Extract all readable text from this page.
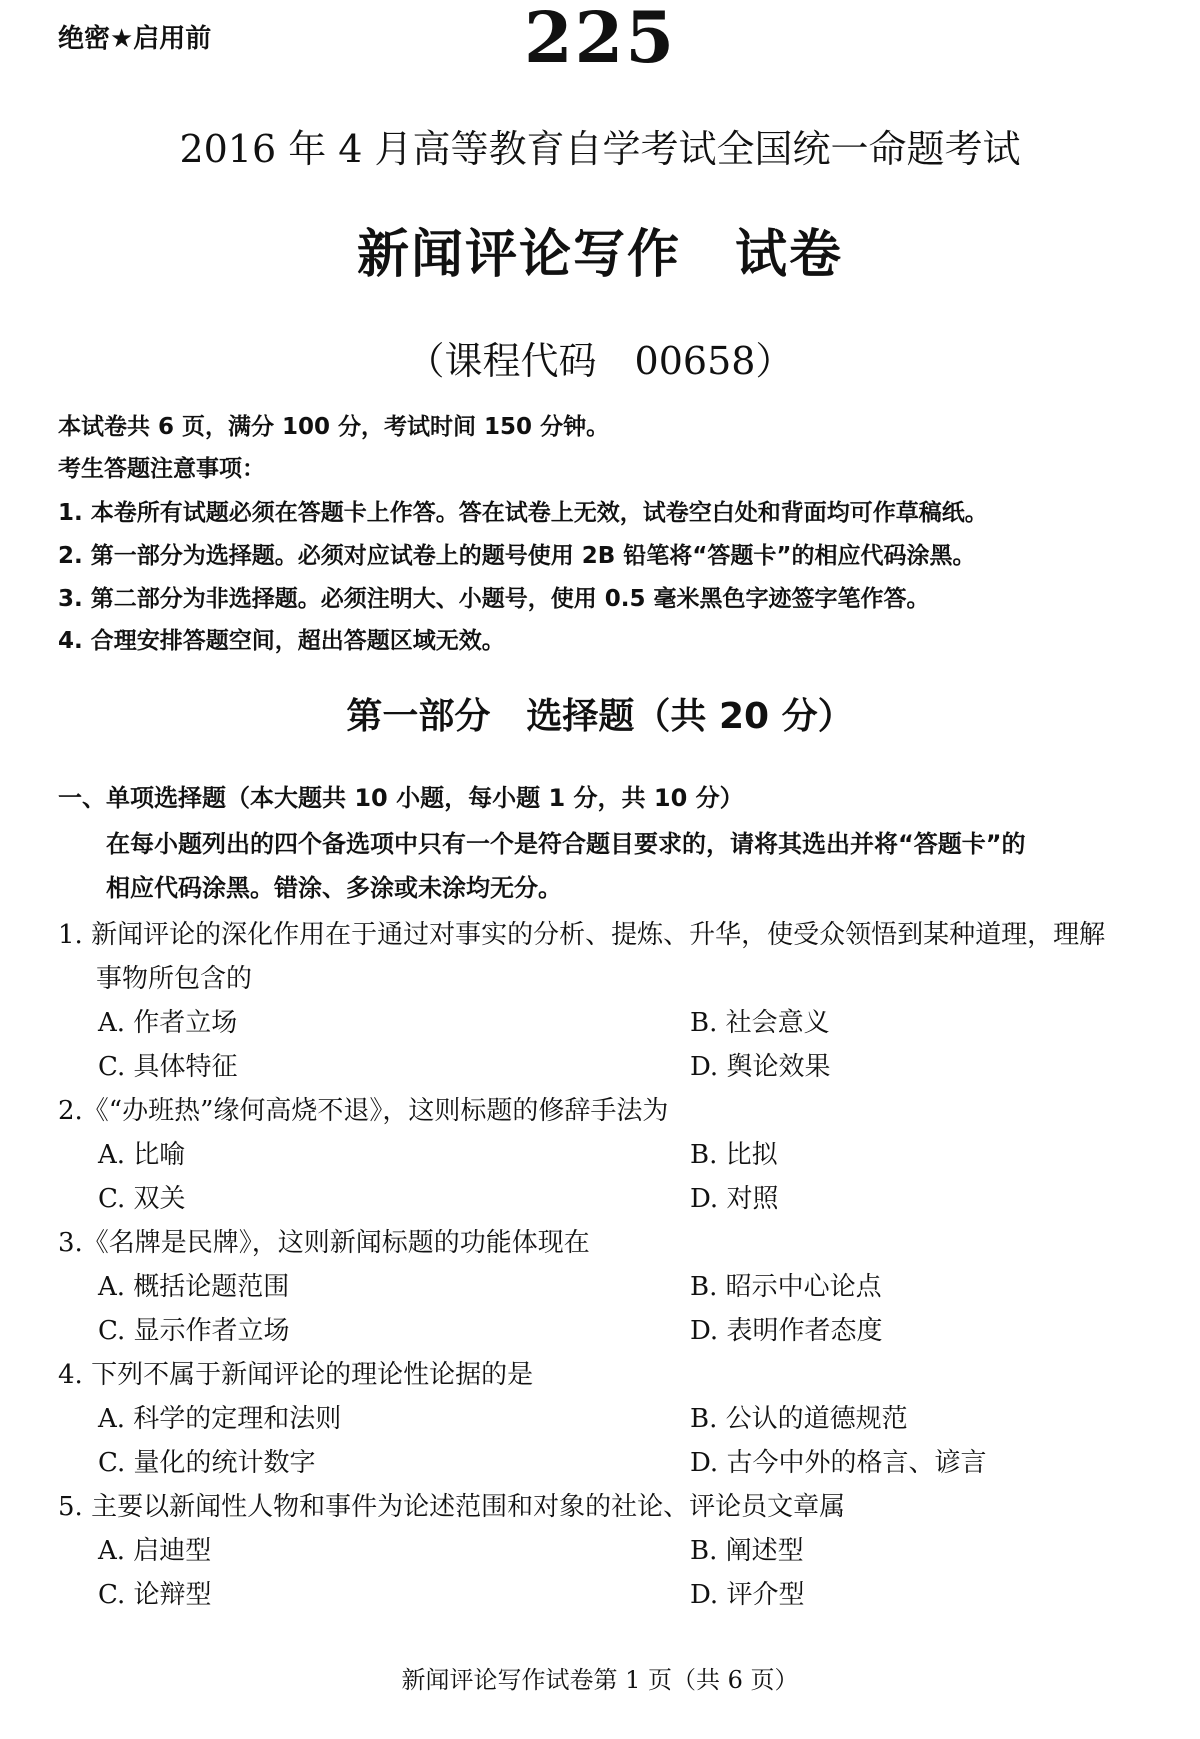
绝密★启用前	225
2016 年 4 月高等教育自学考试全国统一命题考试
新闻评论写作　试卷
（课程代码　00658）
本试卷共 6 页，满分 100 分，考试时间 150 分钟。
考生答题注意事项：
1. 本卷所有试题必须在答题卡上作答。答在试卷上无效，试卷空白处和背面均可作草稿纸。
2. 第一部分为选择题。必须对应试卷上的题号使用 2B 铅笔将“答题卡”的相应代码涂黑。
3. 第二部分为非选择题。必须注明大、小题号，使用 0.5 毫米黑色字迹签字笔作答。
4. 合理安排答题空间，超出答题区域无效。
第一部分　选择题（共 20 分）
一、单项选择题（本大题共 10 小题，每小题 1 分，共 10 分）
在每小题列出的四个备选项中只有一个是符合题目要求的，请将其选出并将“答题卡”的
相应代码涂黑。错涂、多涂或未涂均无分。
1. 新闻评论的深化作用在于通过对事实的分析、提炼、升华，使受众领悟到某种道理，理解
事物所包含的
A. 作者立场	B. 社会意义
C. 具体特征	D. 舆论效果
2.《“办班热”缘何高烧不退》，这则标题的修辞手法为
A. 比喻	B. 比拟
C. 双关	D. 对照
3.《名牌是民牌》，这则新闻标题的功能体现在
A. 概括论题范围	B. 昭示中心论点
C. 显示作者立场	D. 表明作者态度
4. 下列不属于新闻评论的理论性论据的是
A. 科学的定理和法则	B. 公认的道德规范
C. 量化的统计数字	D. 古今中外的格言、谚言
5. 主要以新闻性人物和事件为论述范围和对象的社论、评论员文章属
A. 启迪型	B. 阐述型
C. 论辩型	D. 评介型
新闻评论写作试卷第 1 页（共 6 页）
